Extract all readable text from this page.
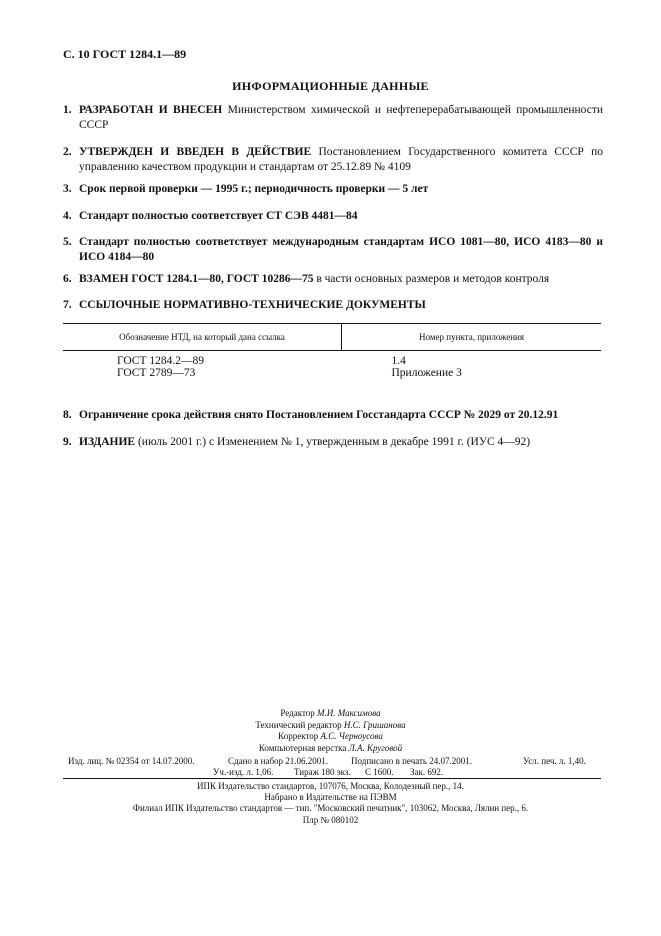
С. 10 ГОСТ 1284.1—89
ИНФОРМАЦИОННЫЕ ДАННЫЕ
1. РАЗРАБОТАН И ВНЕСЕН Министерством химической и нефтеперерабатывающей промышленности СССР
2. УТВЕРЖДЕН И ВВЕДЕН В ДЕЙСТВИЕ Постановлением Государственного комитета СССР по управлению качеством продукции и стандартам от 25.12.89 № 4109
3. Срок первой проверки — 1995 г.; периодичность проверки — 5 лет
4. Стандарт полностью соответствует СТ СЭВ 4481—84
5. Стандарт полностью соответствует международным стандартам ИСО 1081—80, ИСО 4183—80 и ИСО 4184—80
6. ВЗАМЕН ГОСТ 1284.1—80, ГОСТ 10286—75 в части основных размеров и методов контроля
7. ССЫЛОЧНЫЕ НОРМАТИВНО-ТЕХНИЧЕСКИЕ ДОКУМЕНТЫ
Обозначение НТД, на который дана ссылка	Номер пункта, приложения
ГОСТ 1284.2—89	1.4
ГОСТ 2789—73	Приложение 3
8. Ограничение срока действия снято Постановлением Госстандарта СССР № 2029 от 20.12.91
9. ИЗДАНИЕ (июль 2001 г.) с Изменением № 1, утвержденным в декабре 1991 г. (ИУС 4—92)
Редактор М.И. Максимова
Технический редактор Н.С. Гришанова
Корректор А.С. Черноусова
Компьютерная верстка Л.А. Круговой
Изд. лиц. № 02354 от 14.07.2000.	Сдано в набор 21.06.2001.	Подписано в печать 24.07.2001.	Усл. печ. л. 1,40.
Уч.-изд. л. 1,06. Тираж 180 экз. С 1600. Зак. 692.
ИПК Издательство стандартов, 107076, Москва, Колодезный пер., 14.
Набрано в Издательстве на ПЭВМ
Филиал ИПК Издательство стандартов — тип. "Московский печатник", 103062, Москва, Лялин пер., 6.
Плр № 080102
